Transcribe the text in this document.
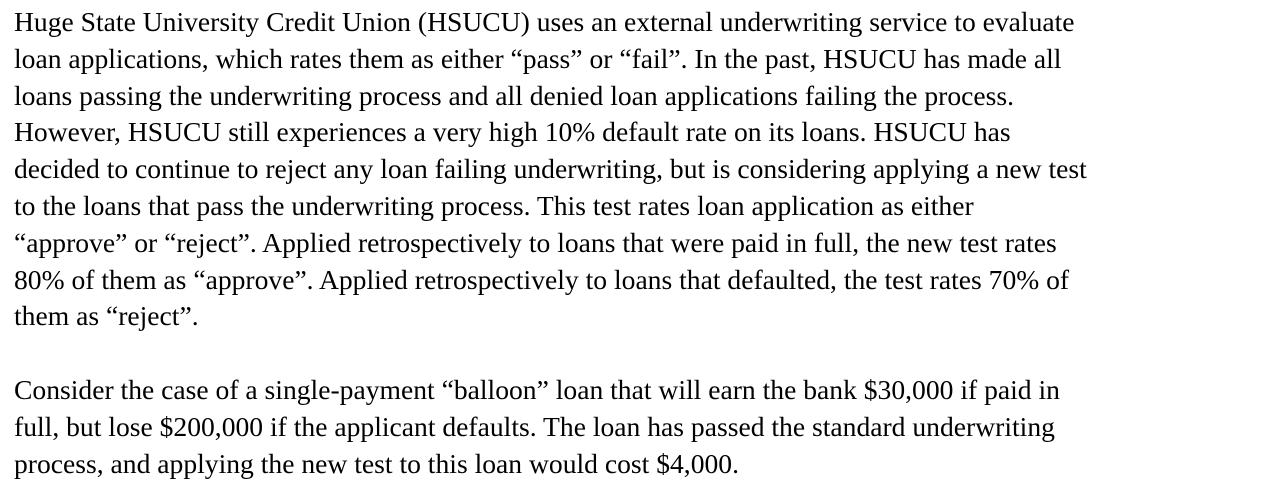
Huge State University Credit Union (HSUCU) uses an external underwriting service to evaluate
loan applications, which rates them as either “pass” or “fail”. In the past, HSUCU has made all
loans passing the underwriting process and all denied loan applications failing the process.
However, HSUCU still experiences a very high 10% default rate on its loans. HSUCU has
decided to continue to reject any loan failing underwriting, but is considering applying a new test
to the loans that pass the underwriting process. This test rates loan application as either
“approve” or “reject”. Applied retrospectively to loans that were paid in full, the new test rates
80% of them as “approve”. Applied retrospectively to loans that defaulted, the test rates 70% of
them as “reject”.
Consider the case of a single-payment “balloon” loan that will earn the bank $30,000 if paid in
full, but lose $200,000 if the applicant defaults. The loan has passed the standard underwriting
process, and applying the new test to this loan would cost $4,000.
